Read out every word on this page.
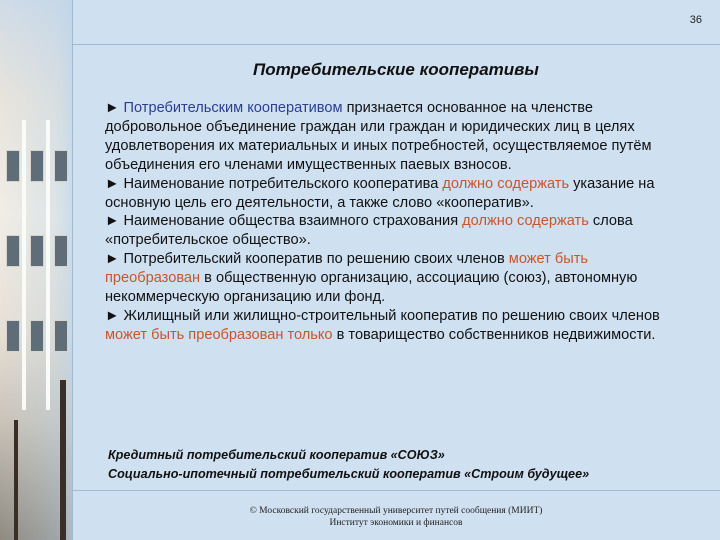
36
Потребительские кооперативы
► Потребительским кооперативом признается основанное на членстве добровольное объединение граждан или граждан и юридических лиц в целях удовлетворения их материальных и иных потребностей, осуществляемое путём объединения его членами имущественных паевых взносов.
► Наименование потребительского кооператива должно содержать указание на основную цель его деятельности, а также слово «кооператив».
► Наименование общества взаимного страхования должно содержать слова «потребительское общество».
► Потребительский кооператив по решению своих членов может быть преобразован в общественную организацию, ассоциацию (союз), автономную некоммерческую организацию или фонд.
► Жилищный или жилищно-строительный кооператив по решению своих членов может быть преобразован только в товарищество собственников недвижимости.
Кредитный потребительский кооператив «СОЮЗ»
Социально-ипотечный потребительский кооператив «Строим будущее»
© Московский государственный университет путей сообщения (МИИТ)
Институт экономики и финансов
